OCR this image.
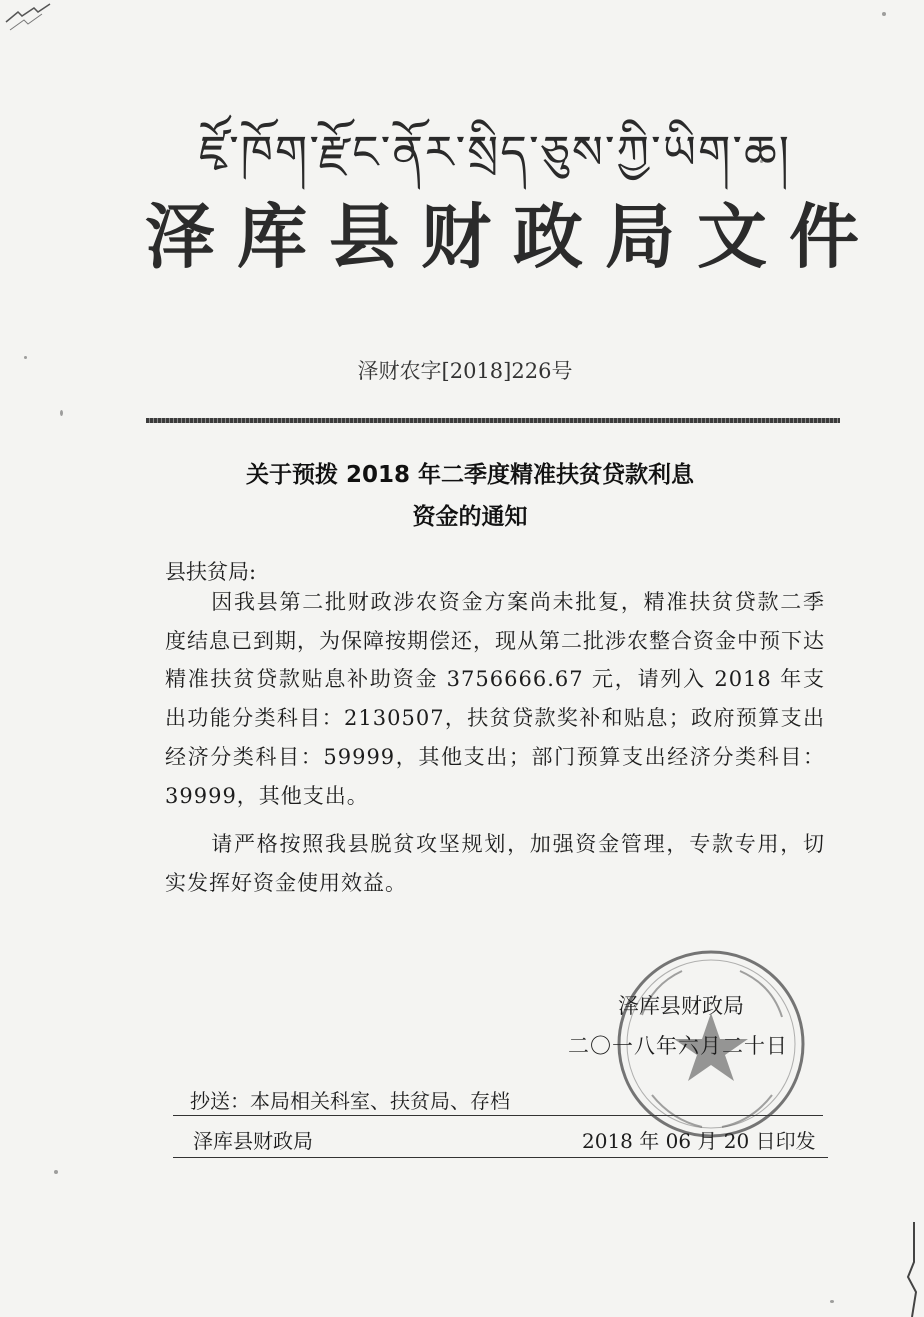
ཛྭོ་ཁོག་རྫོང་ནོར་སྲིད་ཅུས་ཀྱི་ཡིག་ཆ།
泽库县财政局文件
泽财农字[2018]226号
关于预拨 2018 年二季度精准扶贫贷款利息
资金的通知
县扶贫局:

因我县第二批财政涉农资金方案尚未批复，精准扶贫贷款二季度结息已到期，为保障按期偿还，现从第二批涉农整合资金中预下达精准扶贫贷款贴息补助资金 3756666.67 元，请列入 2018 年支出功能分类科目：2130507，扶贫贷款奖补和贴息；政府预算支出经济分类科目：59999，其他支出；部门预算支出经济分类科目：39999，其他支出。

请严格按照我县脱贫攻坚规划，加强资金管理，专款专用，切实发挥好资金使用效益。

泽库县财政局
二〇一八年六月二十日
抄送：本局相关科室、扶贫局、存档
泽库县财政局	2018 年 06 月 20 日印发
